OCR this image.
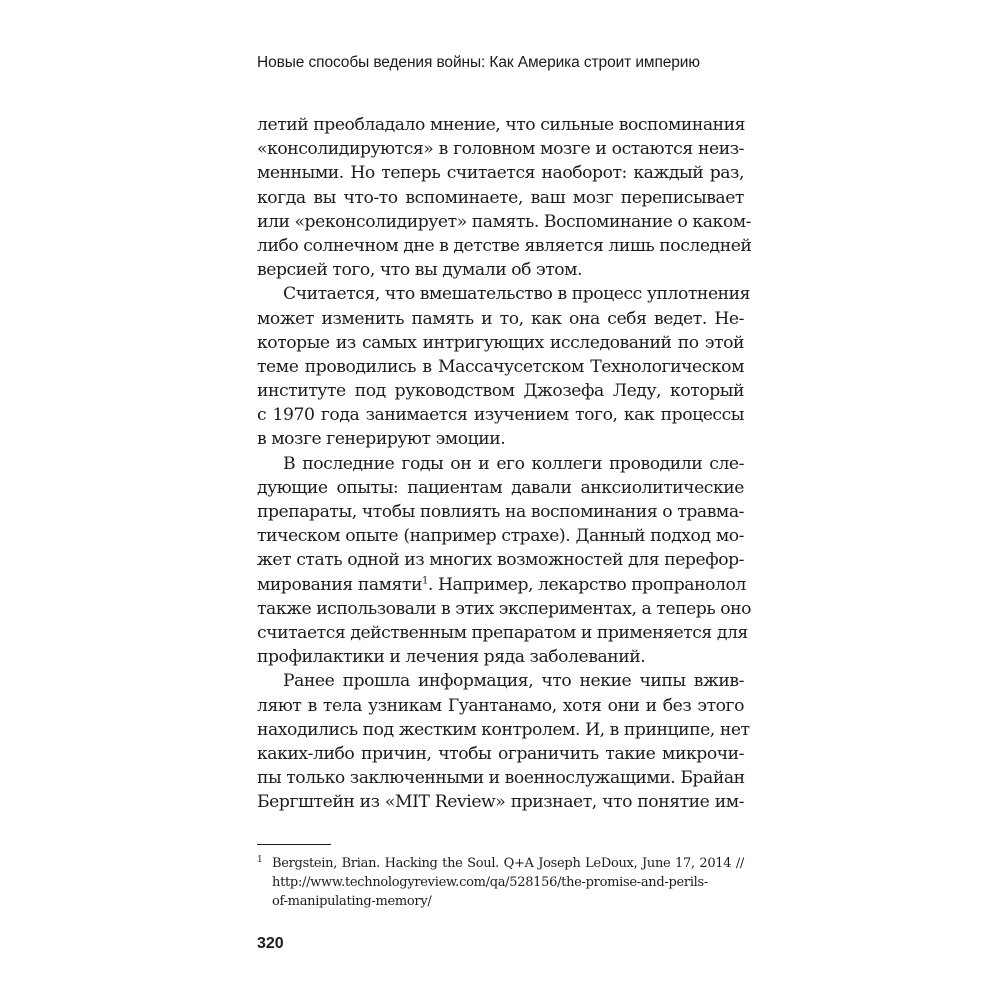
Новые способы ведения войны: Как Америка строит империю
летий преобладало мнение, что сильные воспоминания
«консолидируются» в головном мозге и остаются неиз-
менными. Но теперь считается наоборот: каждый раз,
когда вы что-то вспоминаете, ваш мозг переписывает
или «реконсолидирует» память. Воспоминание о каком-
либо солнечном дне в детстве является лишь последней
версией того, что вы думали об этом.
Считается, что вмешательство в процесс уплотнения
может изменить память и то, как она себя ведет. Не-
которые из самых интригующих исследований по этой
теме проводились в Массачусетском Технологическом
институте под руководством Джозефа Леду, который
с 1970 года занимается изучением того, как процессы
в мозге генерируют эмоции.
В последние годы он и его коллеги проводили сле-
дующие опыты: пациентам давали анксиолитические
препараты, чтобы повлиять на воспоминания о травма-
тическом опыте (например страхе). Данный подход мо-
жет стать одной из многих возможностей для перефор-
мирования памяти$^1$. Например, лекарство пропранолол
также использовали в этих экспериментах, а теперь оно
считается действенным препаратом и применяется для
профилактики и лечения ряда заболеваний.
Ранее прошла информация, что некие чипы вжив-
ляют в тела узникам Гуантанамо, хотя они и без этого
находились под жестким контролем. И, в принципе, нет
каких-либо причин, чтобы ограничить такие микрочи-
пы только заключенными и военнослужащими. Брайан
Бергштейн из «MIT Review» признает, что понятие им-
1 Bergstein, Brian. Hacking the Soul. Q+A Joseph LeDoux, June 17, 2014 //
http://www.technologyreview.com/qa/528156/the-promise-and-perils-
of-manipulating-memory/
320
